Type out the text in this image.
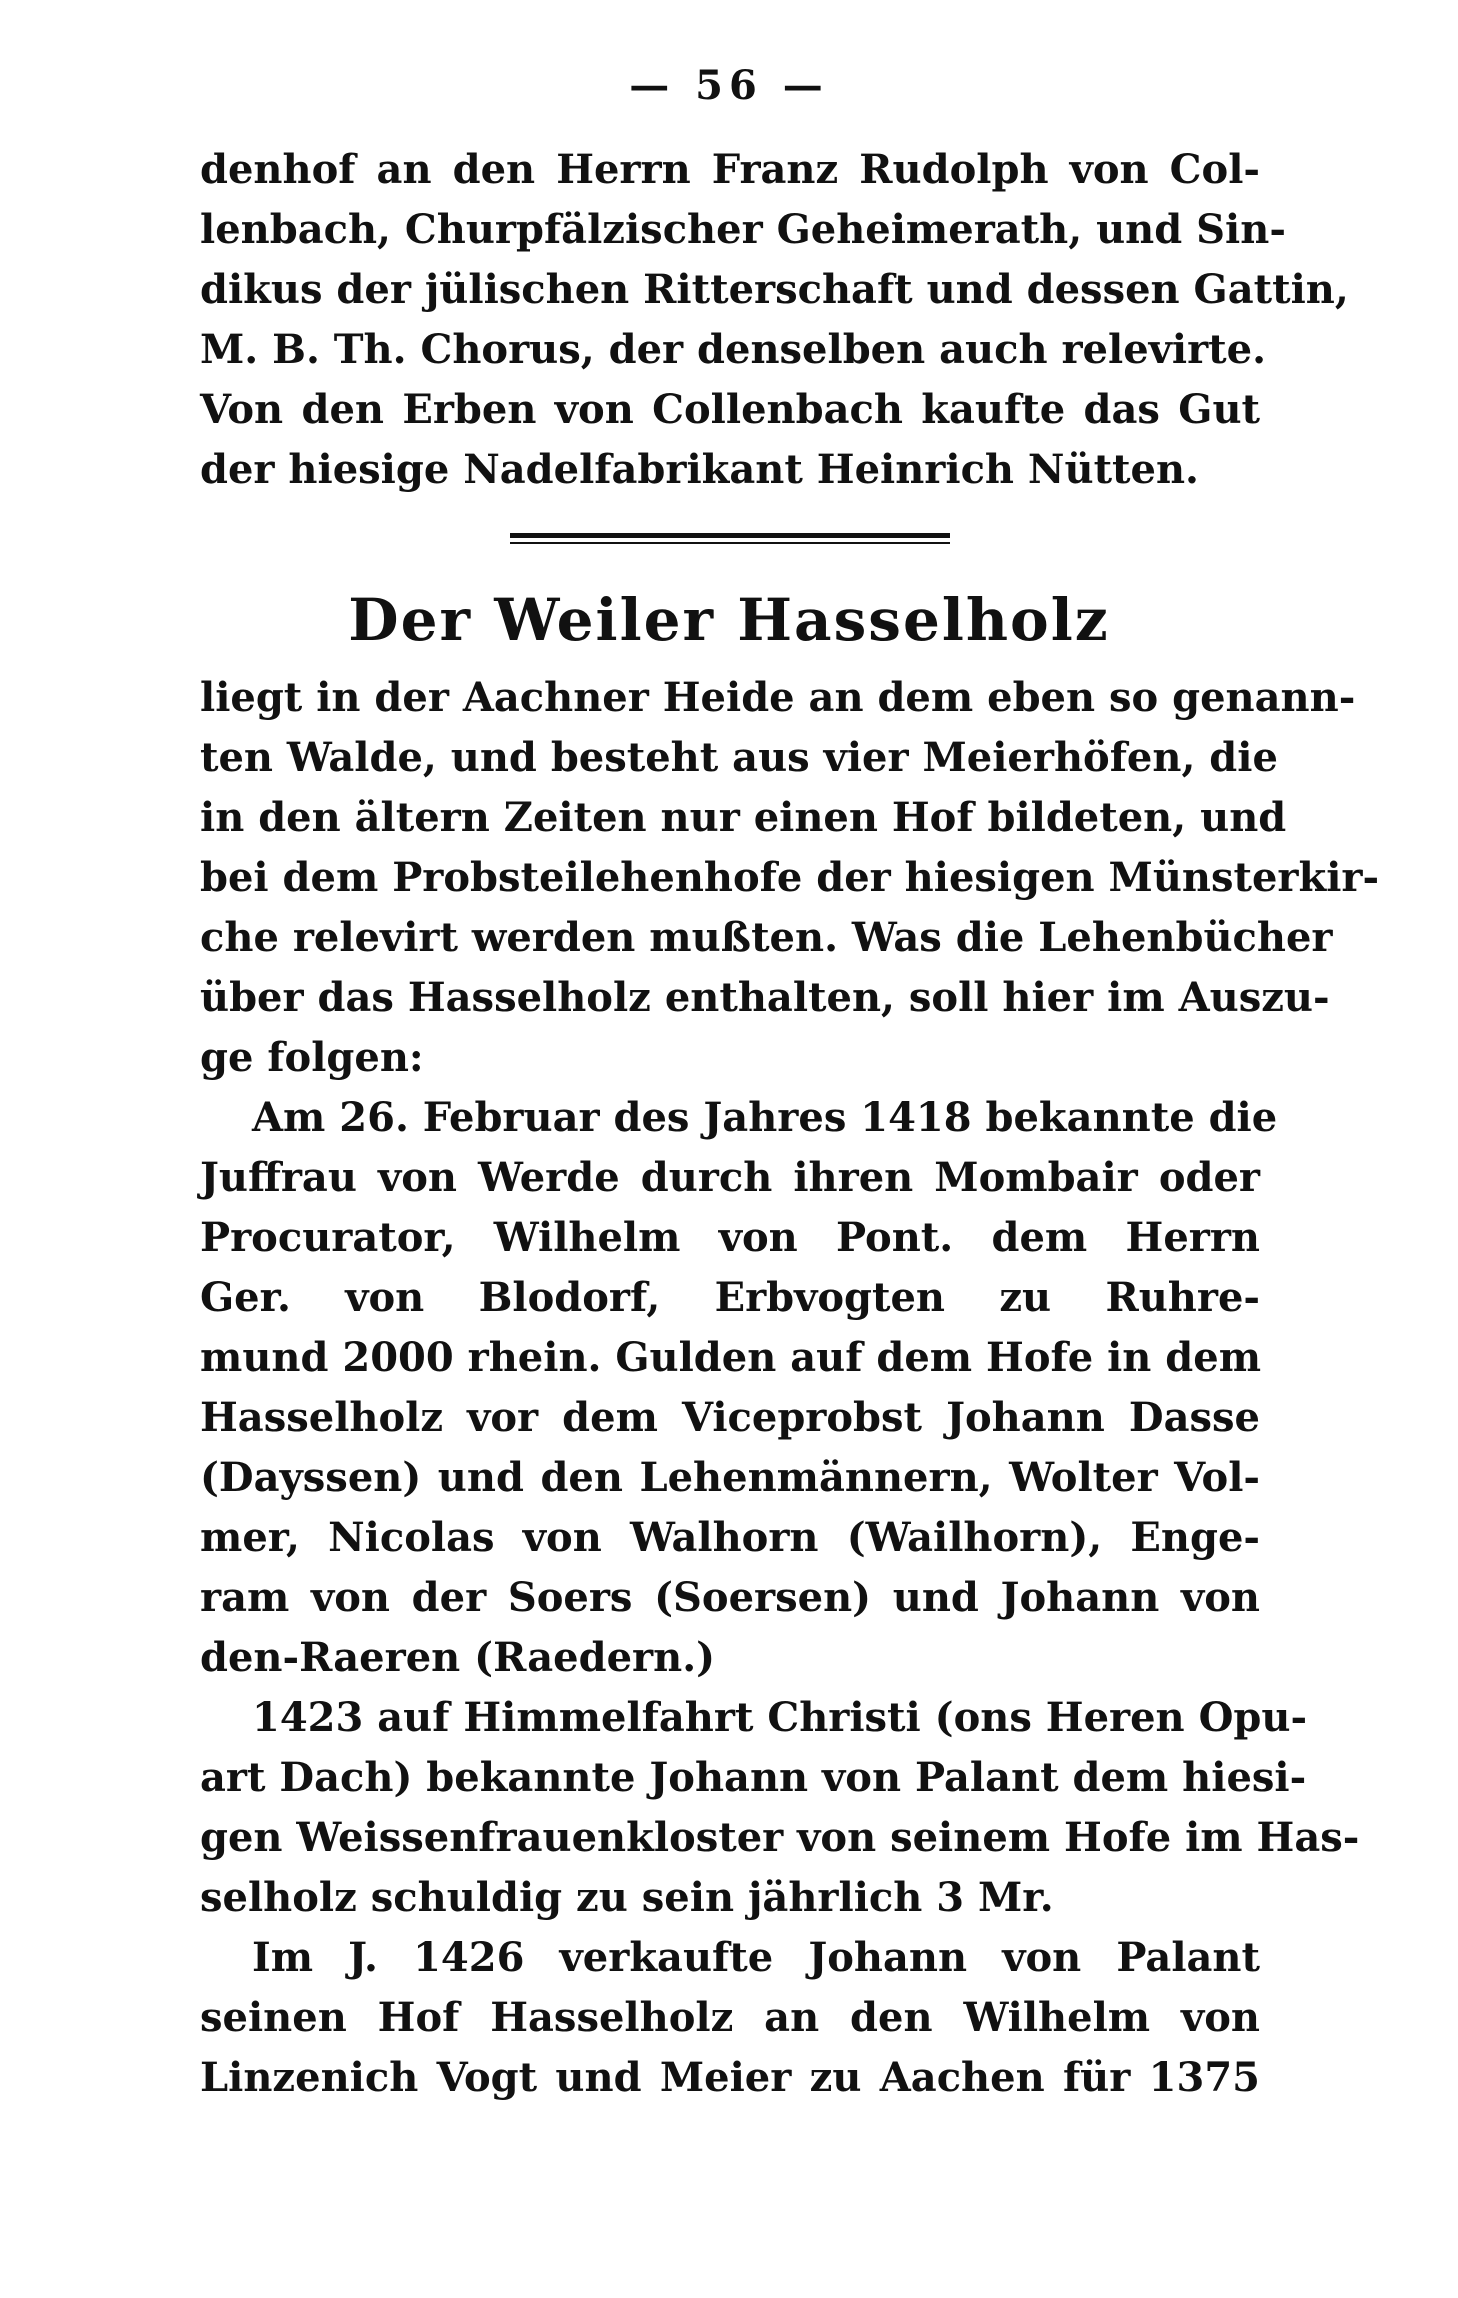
— 56 —
denhof an den Herrn Franz Rudolph von Col-
lenbach, Churpfälzischer Geheimerath, und Sin-
dikus der jülischen Ritterschaft und dessen Gattin,
M. B. Th. Chorus, der denselben auch relevirte.
Von den Erben von Collenbach kaufte das Gut
der hiesige Nadelfabrikant Heinrich Nütten.
Der Weiler Hasselholz
liegt in der Aachner Heide an dem eben so genann-
ten Walde, und besteht aus vier Meierhöfen, die
in den ältern Zeiten nur einen Hof bildeten, und
bei dem Probsteilehenhofe der hiesigen Münsterkir-
che relevirt werden mußten. Was die Lehenbücher
über das Hasselholz enthalten, soll hier im Auszu-
ge folgen:
Am 26. Februar des Jahres 1418 bekannte die
Juffrau von Werde durch ihren Mombair oder
Procurator, Wilhelm von Pont. dem Herrn
Ger. von Blodorf, Erbvogten zu Ruhre-
mund 2000 rhein. Gulden auf dem Hofe in dem
Hasselholz vor dem Viceprobst Johann Dasse
(Dayssen) und den Lehenmännern, Wolter Vol-
mer, Nicolas von Walhorn (Wailhorn), Enge-
ram von der Soers (Soersen) und Johann von
den-Raeren (Raedern.)
1423 auf Himmelfahrt Christi (ons Heren Opu-
art Dach) bekannte Johann von Palant dem hiesi-
gen Weissenfrauenkloster von seinem Hofe im Has-
selholz schuldig zu sein jährlich 3 Mr.
Im J. 1426 verkaufte Johann von Palant
seinen Hof Hasselholz an den Wilhelm von
Linzenich Vogt und Meier zu Aachen für 1375
